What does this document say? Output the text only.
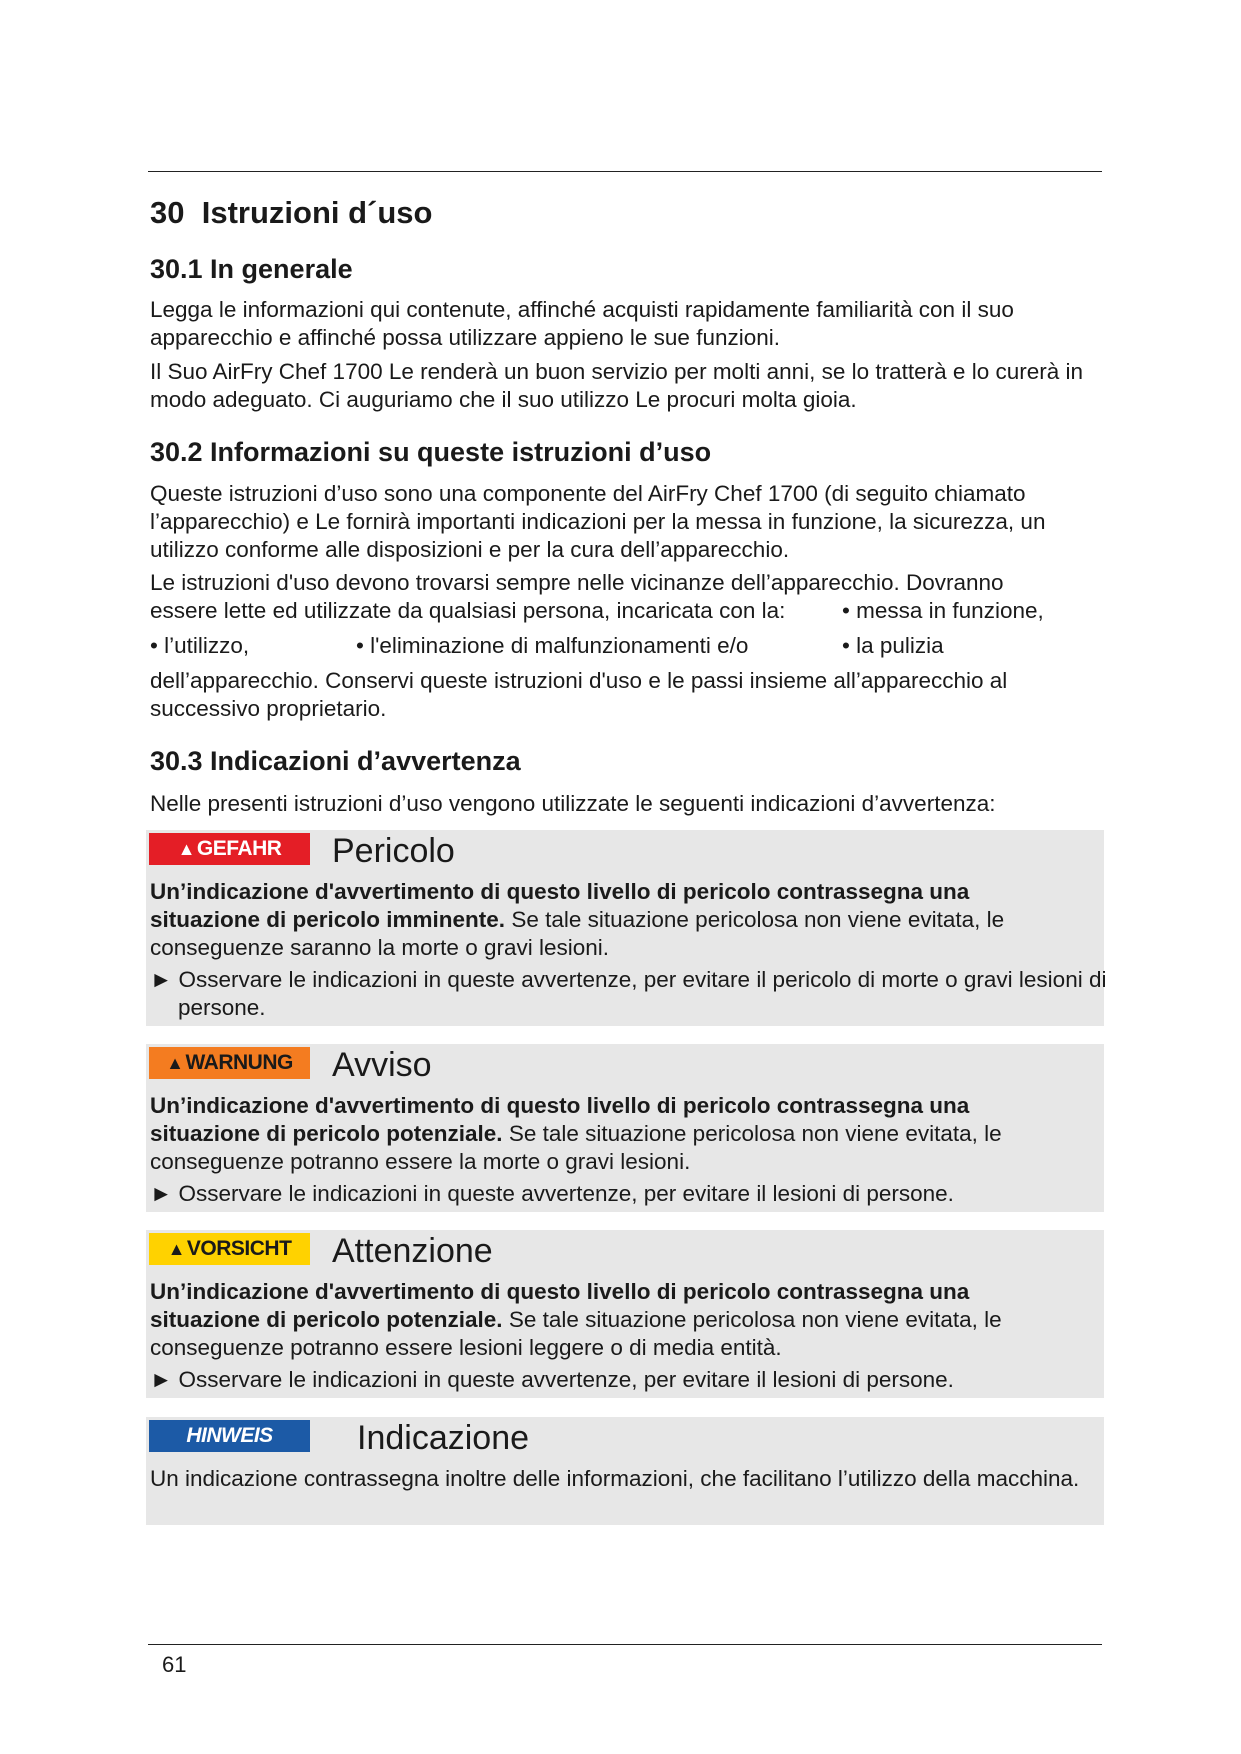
30 Istruzioni d´uso
30.1 In generale

Legga le informazioni qui contenute, affinché acquisti rapidamente familiarità con il suo apparecchio e affinché possa utilizzare appieno le sue funzioni.

Il Suo AirFry Chef 1700 Le renderà un buon servizio per molti anni, se lo tratterà e lo curerà in modo adeguato. Ci auguriamo che il suo utilizzo Le procuri molta gioia.

30.2 Informazioni su queste istruzioni d’uso

Queste istruzioni d’uso sono una componente del AirFry Chef 1700 (di seguito chiamato l’apparecchio) e Le fornirà importanti indicazioni per la messa in funzione, la sicurezza, un utilizzo conforme alle disposizioni e per la cura dell’apparecchio.

Le istruzioni d'uso devono trovarsi sempre nelle vicinanze dell’apparecchio. Dovranno
essere lette ed utilizzate da qualsiasi persona, incaricata con la:	• messa in funzione,
• l’utilizzo,	• l'eliminazione di malfunzionamenti e/o	• la pulizia

dell’apparecchio. Conservi queste istruzioni d'uso e le passi insieme all’apparecchio al successivo proprietario.

30.3 Indicazioni d’avvertenza

Nelle presenti istruzioni d’uso vengono utilizzate le seguenti indicazioni d’avvertenza:

▲GEFAHR	Pericolo

Un’indicazione d'avvertimento di questo livello di pericolo contrassegna una situazione di pericolo imminente. Se tale situazione pericolosa non viene evitata, le conseguenze saranno la morte o gravi lesioni.

► Osservare le indicazioni in queste avvertenze, per evitare il pericolo di morte o gravi lesioni di persone.

▲WARNUNG	Avviso

Un’indicazione d'avvertimento di questo livello di pericolo contrassegna una situazione di pericolo potenziale. Se tale situazione pericolosa non viene evitata, le conseguenze potranno essere la morte o gravi lesioni.

► Osservare le indicazioni in queste avvertenze, per evitare il lesioni di persone.

▲VORSICHT	Attenzione

Un’indicazione d'avvertimento di questo livello di pericolo contrassegna una situazione di pericolo potenziale. Se tale situazione pericolosa non viene evitata, le conseguenze potranno essere lesioni leggere o di media entità.

► Osservare le indicazioni in queste avvertenze, per evitare il lesioni di persone.

HINWEIS	Indicazione

Un indicazione contrassegna inoltre delle informazioni, che facilitano l’utilizzo della macchina.

61
